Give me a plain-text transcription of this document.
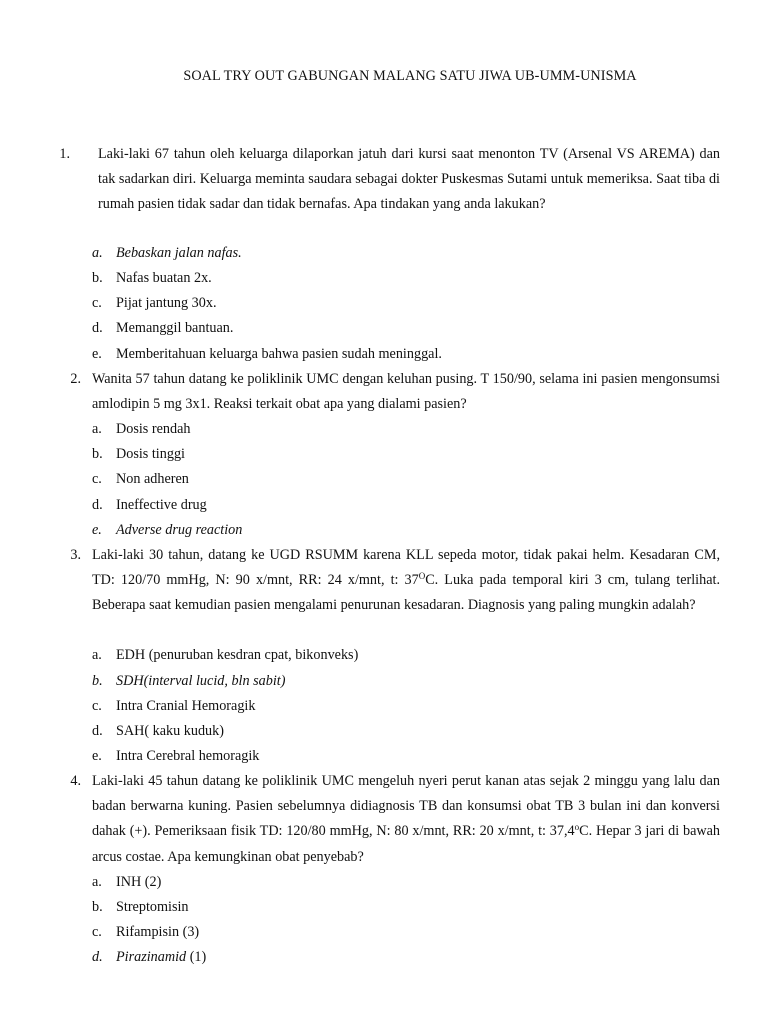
SOAL TRY OUT GABUNGAN MALANG SATU JIWA UB-UMM-UNISMA
1. Laki-laki 67 tahun oleh keluarga dilaporkan jatuh dari kursi saat menonton TV (Arsenal VS AREMA) dan tak sadarkan diri. Keluarga meminta saudara sebagai dokter Puskesmas Sutami untuk memeriksa. Saat tiba di rumah pasien tidak sadar dan tidak bernafas. Apa tindakan yang anda lakukan?
a. Bebaskan jalan nafas.
b. Nafas buatan 2x.
c. Pijat jantung 30x.
d. Memanggil bantuan.
e. Memberitahuan keluarga bahwa pasien sudah meninggal.
2. Wanita 57 tahun datang ke poliklinik UMC dengan keluhan pusing. T 150/90, selama ini pasien mengonsumsi amlodipin 5 mg 3x1. Reaksi terkait obat apa yang dialami pasien?
a. Dosis rendah
b. Dosis tinggi
c. Non adheren
d. Ineffective drug
e. Adverse drug reaction
3. Laki-laki 30 tahun, datang ke UGD RSUMM karena KLL sepeda motor, tidak pakai helm. Kesadaran CM, TD: 120/70 mmHg, N: 90 x/mnt, RR: 24 x/mnt, t: $37^OC$. Luka pada temporal kiri 3 cm, tulang terlihat. Beberapa saat kemudian pasien mengalami penurunan kesadaran. Diagnosis yang paling mungkin adalah?
a. EDH (penuruban kesdran cpat, bikonveks)
b. SDH(interval lucid, bln sabit)
c. Intra Cranial Hemoragik
d. SAH( kaku kuduk)
e. Intra Cerebral hemoragik
4. Laki-laki 45 tahun datang ke poliklinik UMC mengeluh nyeri perut kanan atas sejak 2 minggu yang lalu dan badan berwarna kuning. Pasien sebelumnya didiagnosis TB dan konsumsi obat TB 3 bulan ini dan konversi dahak (+). Pemeriksaan fisik TD: 120/80 mmHg, N: 80 x/mnt, RR: 20 x/mnt, t: 37,4$^o$C. Hepar 3 jari di bawah arcus costae. Apa kemungkinan obat penyebab?
a. INH (2)
b. Streptomisin
c. Rifampisin (3)
d. Pirazinamid (1)
